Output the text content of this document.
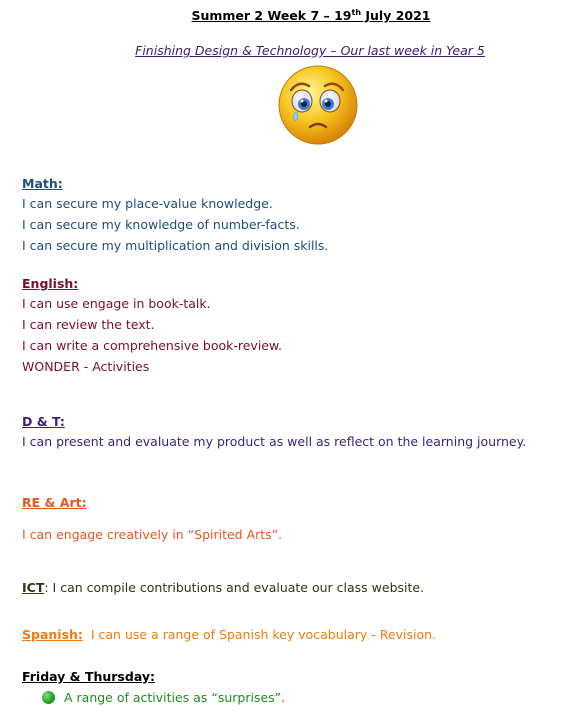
Summer 2 Week 7 – 19th July 2021
Finishing Design & Technology – Our last week in Year 5
Math:
I can secure my place-value knowledge.
I can secure my knowledge of number-facts.
I can secure my multiplication and division skills.
English:
I can use engage in book-talk.
I can review the text.
I can write a comprehensive book-review.
WONDER - Activities
D & T:
I can present and evaluate my product as well as reflect on the learning journey.
RE & Art:
I can engage creatively in “Spirited Arts”.
ICT: I can compile contributions and evaluate our class website.
Spanish:  I can use a range of Spanish key vocabulary - Revision.
Friday & Thursday:
A range of activities as “surprises”.
